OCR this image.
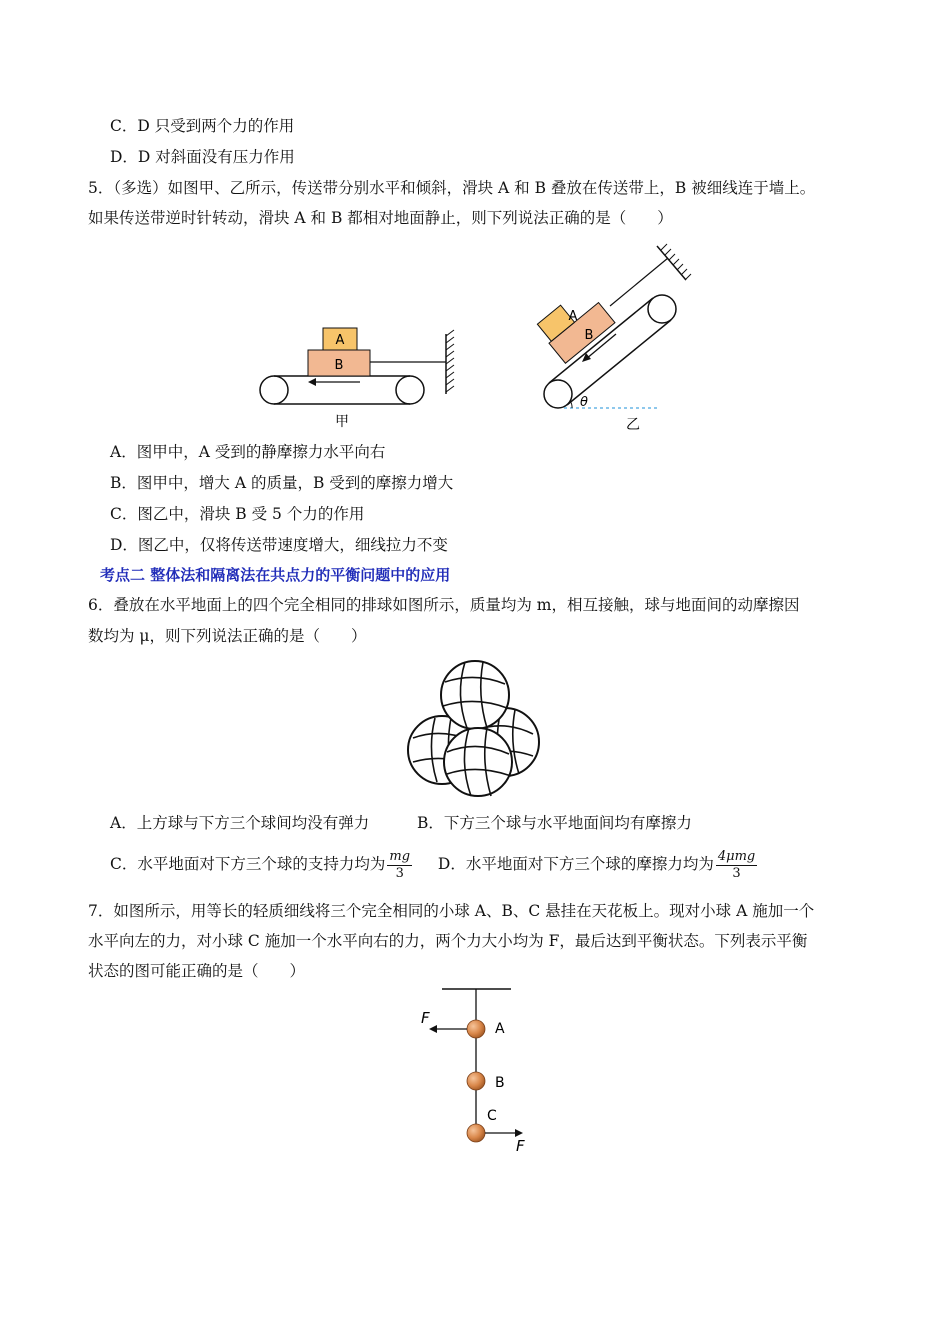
C．D 只受到两个力的作用
D．D 对斜面没有压力作用
5．（多选）如图甲、乙所示，传送带分别水平和倾斜，滑块 A 和 B 叠放在传送带上，B 被细线连于墙上。
如果传送带逆时针转动，滑块 A 和 B 都相对地面静止，则下列说法正确的是（　　）
B
A
甲
B
A
θ
乙
A．图甲中，A 受到的静摩擦力水平向右
B．图甲中，增大 A 的质量，B 受到的摩擦力增大
C．图乙中，滑块 B 受 5 个力的作用
D．图乙中，仅将传送带速度增大，细线拉力不变
考点二 整体法和隔离法在共点力的平衡问题中的应用
6．叠放在水平地面上的四个完全相同的排球如图所示，质量均为 m，相互接触，球与地面间的动摩擦因
数均为 μ，则下列说法正确的是（　　）
A．上方球与下方三个球间均没有弹力	B．下方三个球与水平地面间均有摩擦力
C．水平地面对下方三个球的支持力均为 $\frac{mg}{3}$ D．水平地面对下方三个球的摩擦力均为 $\frac{\text{4μmg}}{3}$
7．如图所示，用等长的轻质细线将三个完全相同的小球 A、B、C 悬挂在天花板上。现对小球 A 施加一个
水平向左的力，对小球 C 施加一个水平向右的力，两个力大小均为 F，最后达到平衡状态。下列表示平衡
状态的图可能正确的是（　　）
A
B
C
F
F
